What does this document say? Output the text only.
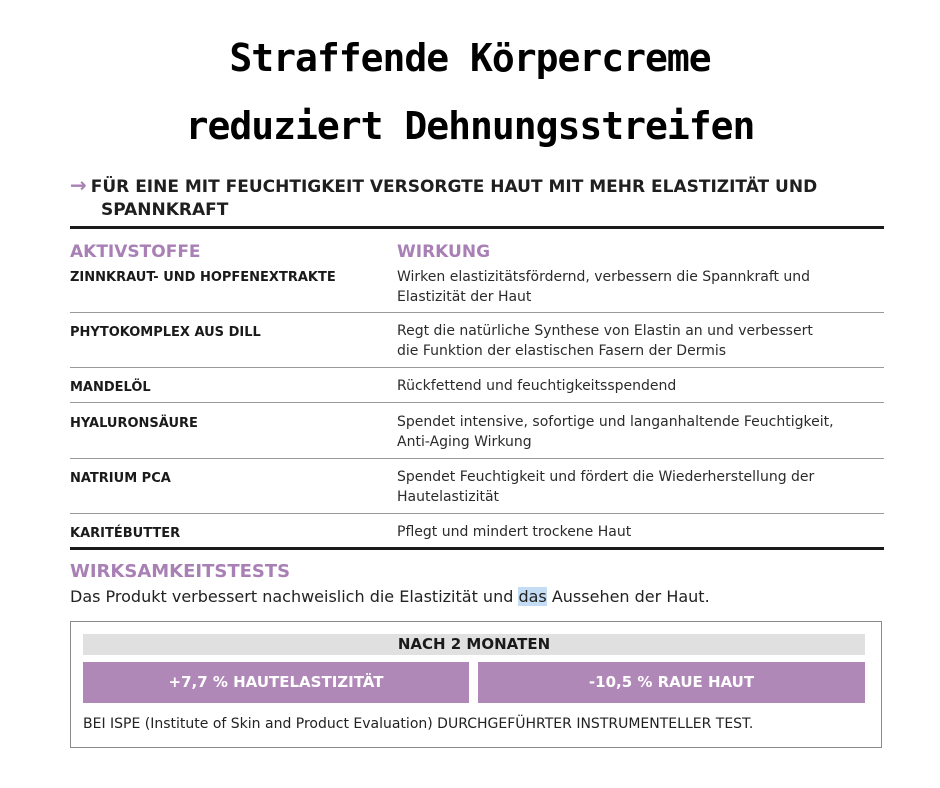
Straffende Körpercreme
reduziert Dehnungsstreifen
→ FÜR EINE MIT FEUCHTIGKEIT VERSORGTE HAUT MIT MEHR ELASTIZITÄT UND
SPANNKRAFT
AKTIVSTOFFE	WIRKUNG
ZINNKRAUT- UND HOPFENEXTRAKTE	Wirken elastizitätsfördernd, verbessern die Spannkraft und
Elastizität der Haut
PHYTOKOMPLEX AUS DILL	Regt die natürliche Synthese von Elastin an und verbessert
die Funktion der elastischen Fasern der Dermis
MANDELÖL	Rückfettend und feuchtigkeitsspendend
HYALURONSÄURE	Spendet intensive, sofortige und langanhaltende Feuchtigkeit,
Anti-Aging Wirkung
NATRIUM PCA	Spendet Feuchtigkeit und fördert die Wiederherstellung der
Hautelastizität
KARITÉBUTTER	Pflegt und mindert trockene Haut
WIRKSAMKEITSTESTS
Das Produkt verbessert nachweislich die Elastizität und das Aussehen der Haut.
NACH 2 MONATEN
+7,7 % HAUTELASTIZITÄT	-10,5 % RAUE HAUT
BEI ISPE (Institute of Skin and Product Evaluation) DURCHGEFÜHRTER INSTRUMENTELLER TEST.
